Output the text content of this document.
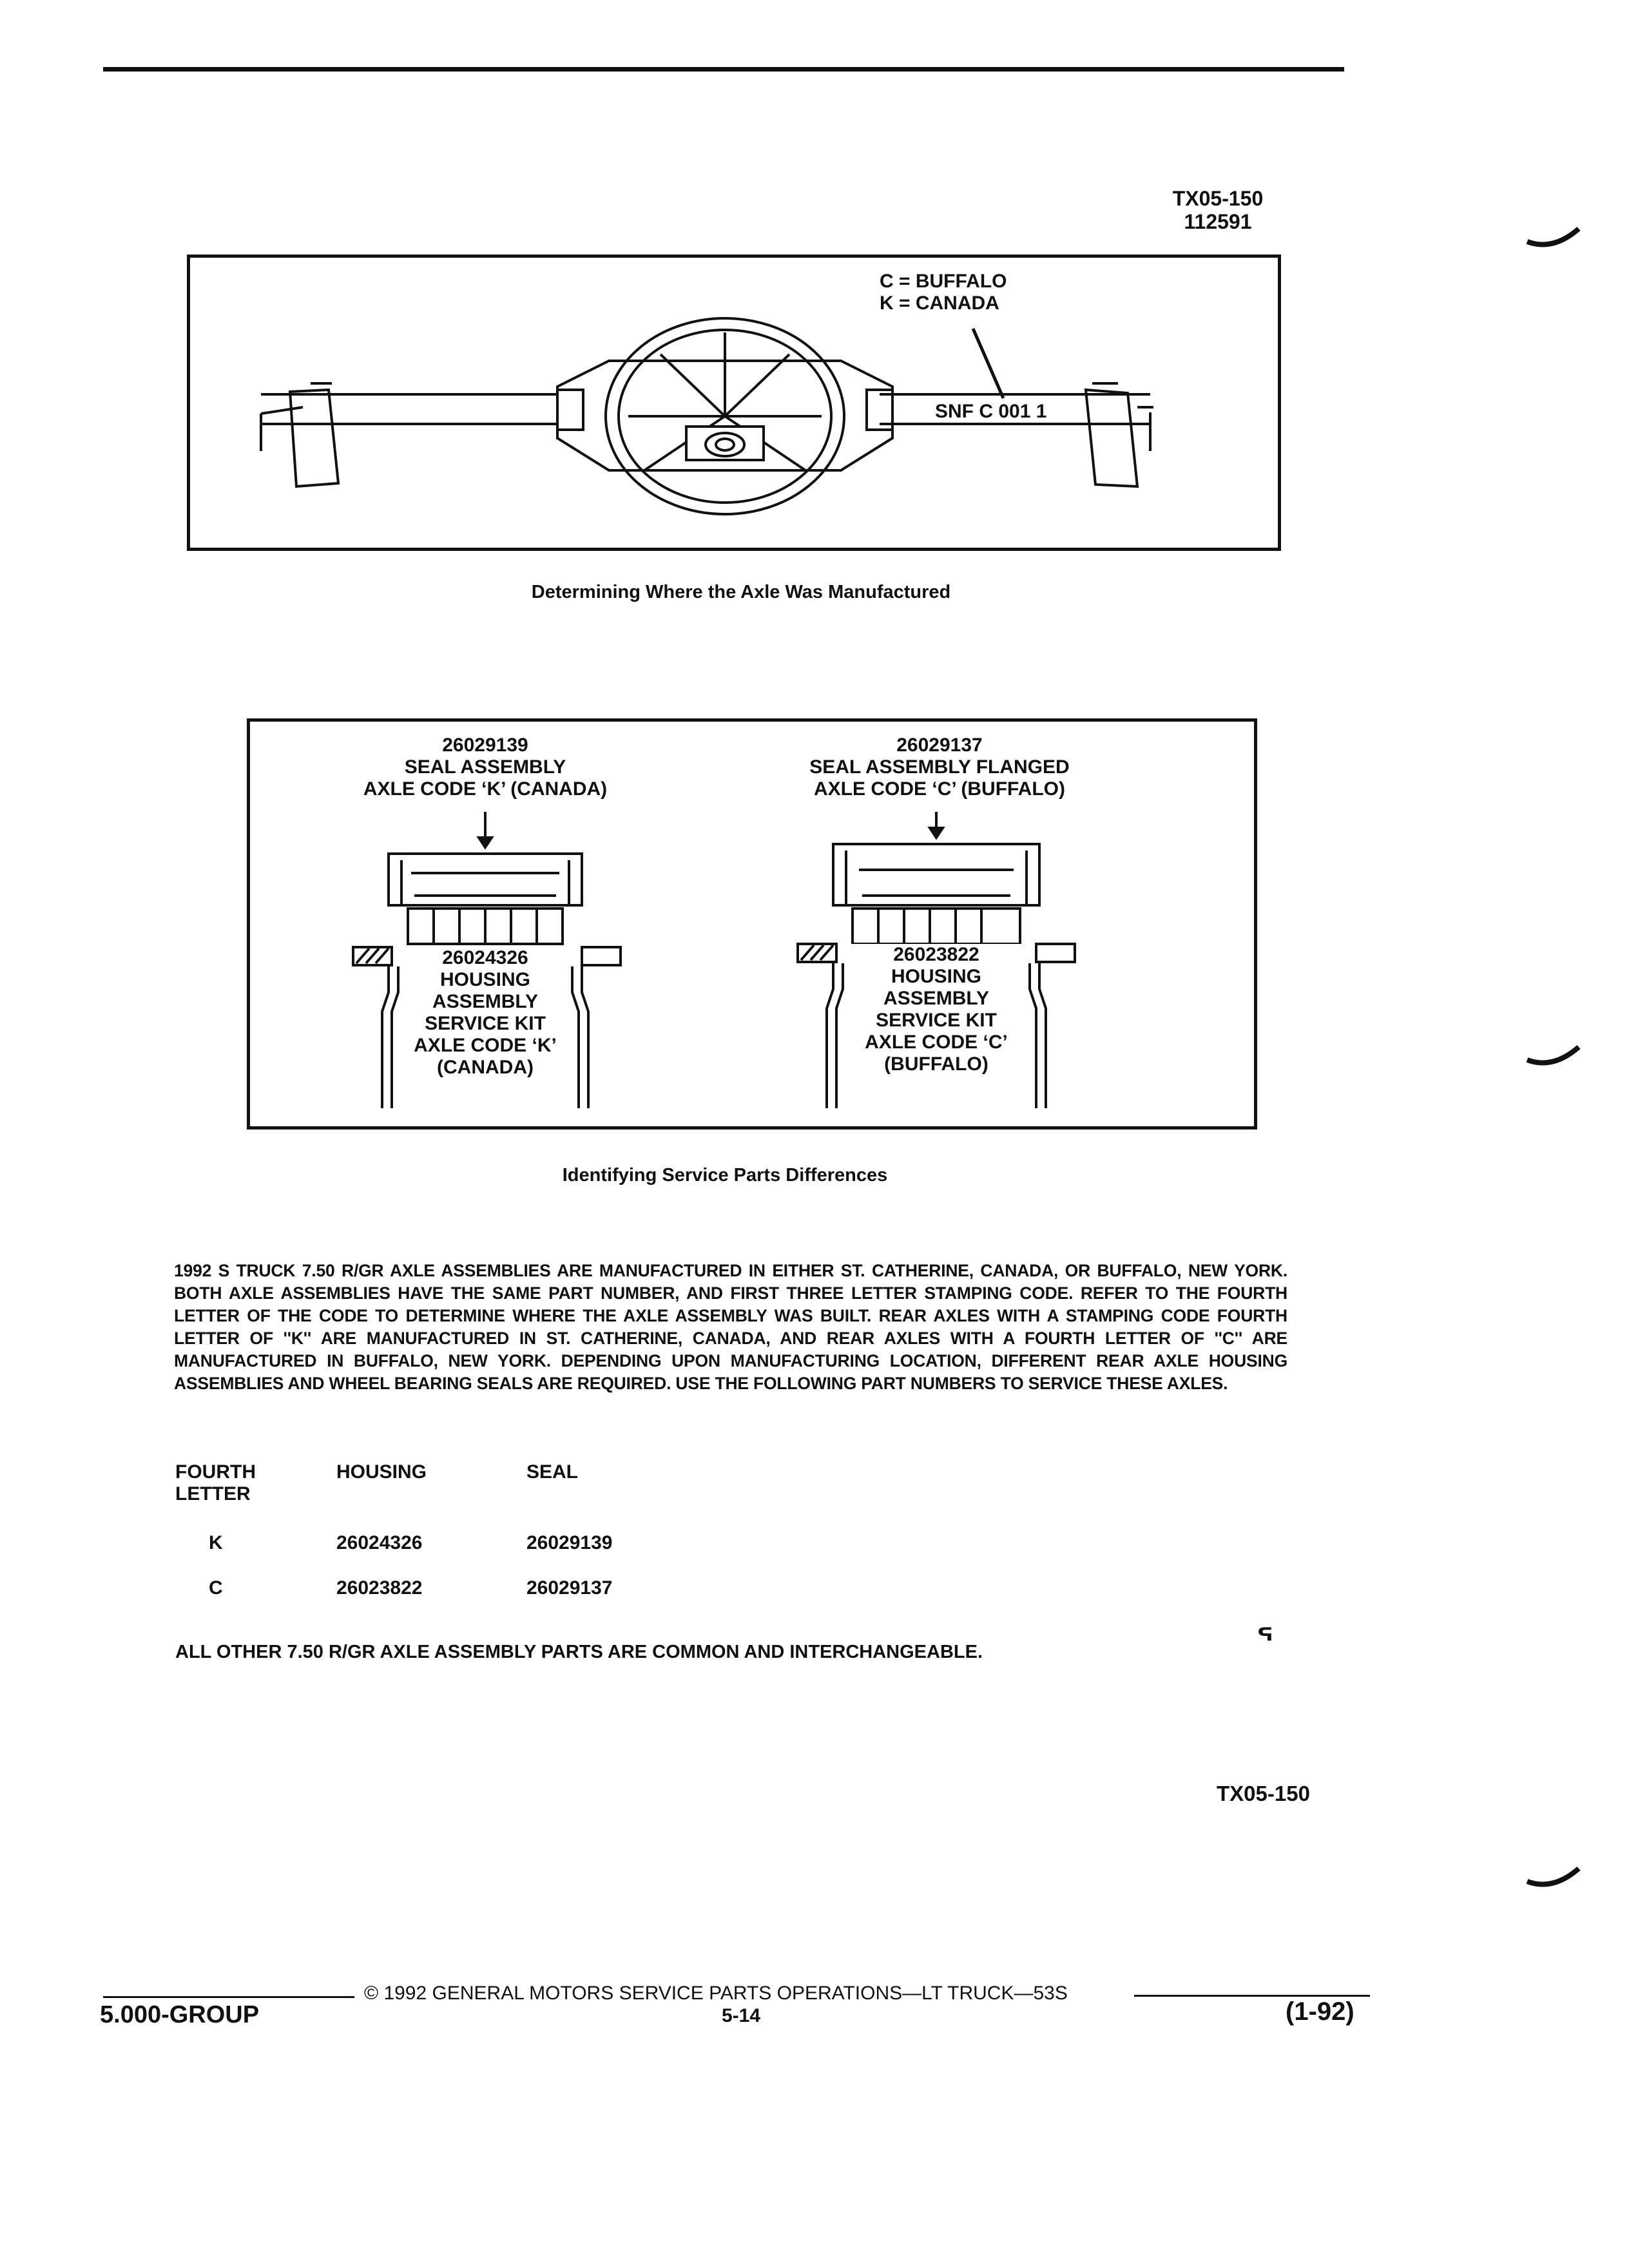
TX05-150
112591
C = BUFFALO
K = CANADA
SNF C 001 1
Determining Where the Axle Was Manufactured
26029139
SEAL ASSEMBLY
AXLE CODE ‘K’ (CANADA)
26024326
HOUSING
ASSEMBLY
SERVICE KIT
AXLE CODE ‘K’
(CANADA)
26029137
SEAL ASSEMBLY FLANGED
AXLE CODE ‘C’ (BUFFALO)
26023822
HOUSING
ASSEMBLY
SERVICE KIT
AXLE CODE ‘C’
(BUFFALO)
Identifying Service Parts Differences
1992 S TRUCK 7.50 R/GR AXLE ASSEMBLIES ARE MANUFACTURED IN EITHER ST. CATHERINE, CANADA, OR BUFFALO, NEW YORK. BOTH AXLE ASSEMBLIES HAVE THE SAME PART NUMBER, AND FIRST THREE LETTER STAMPING CODE. REFER TO THE FOURTH LETTER OF THE CODE TO DETERMINE WHERE THE AXLE ASSEMBLY WAS BUILT. REAR AXLES WITH A STAMPING CODE FOURTH LETTER OF ''K'' ARE MANUFACTURED IN ST. CATHERINE, CANADA, AND REAR AXLES WITH A FOURTH LETTER OF ''C'' ARE MANUFACTURED IN BUFFALO, NEW YORK. DEPENDING UPON MANUFACTURING LOCATION, DIFFERENT REAR AXLE HOUSING ASSEMBLIES AND WHEEL BEARING SEALS ARE REQUIRED. USE THE FOLLOWING PART NUMBERS TO SERVICE THESE AXLES.
FOURTH
LETTER	HOUSING	SEAL
K	26024326	26029139
C	26023822	26029137
ALL OTHER 7.50 R/GR AXLE ASSEMBLY PARTS ARE COMMON AND INTERCHANGEABLE.	ᕐ
TX05-150
© 1992 GENERAL MOTORS SERVICE PARTS OPERATIONS—LT TRUCK—53S
5.000-GROUP	5-14	(1-92)
